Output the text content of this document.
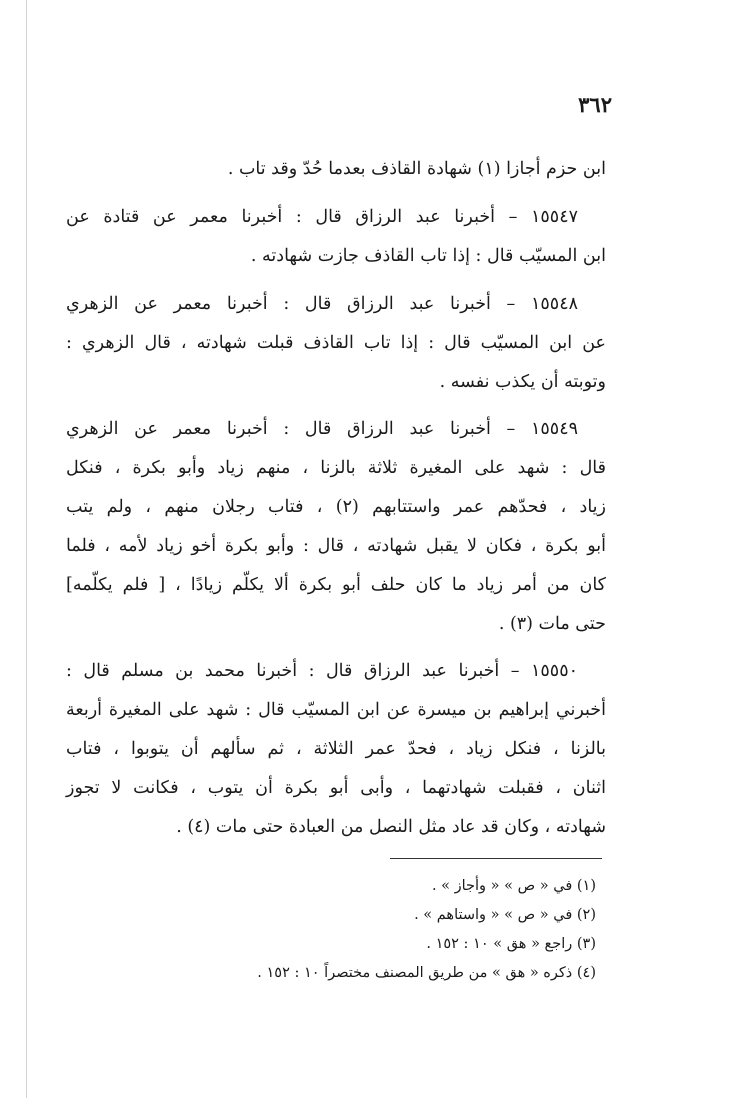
٣٦٢
ابن حزم أجازا (١) شهادة القاذف بعدما حُدّ وقد تاب .
١٥٥٤٧ – أخبرنا عبد الرزاق قال : أخبرنا معمر عن قتادة عن
ابن المسيّب قال : إذا تاب القاذف جازت شهادته .
١٥٥٤٨ – أخبرنا عبد الرزاق قال : أخبرنا معمر عن الزهري
عن ابن المسيّب قال : إذا تاب القاذف قبلت شهادته ، قال الزهري :
وتوبته أن يكذب نفسه .
١٥٥٤٩ – أخبرنا عبد الرزاق قال : أخبرنا معمر عن الزهري
قال : شهد على المغيرة ثلاثة بالزنا ، منهم زياد وأبو بكرة ، فنكل
زياد ، فحدّهم عمر واستتابهم (٢) ، فتاب رجلان منهم ، ولم يتب
أبو بكرة ، فكان لا يقبل شهادته ، قال : وأبو بكرة أخو زياد لأمه ، فلما
كان من أمر زياد ما كان حلف أبو بكرة ألا يكلّم زيادًا ، [ فلم يكلّمه]
حتى مات (٣) .
١٥٥٥٠ – أخبرنا عبد الرزاق قال : أخبرنا محمد بن مسلم قال :
أخبرني إبراهيم بن ميسرة عن ابن المسيّب قال : شهد على المغيرة أربعة
بالزنا ، فنكل زياد ، فحدّ عمر الثلاثة ، ثم سألهم أن يتوبوا ، فتاب
اثنان ، فقبلت شهادتهما ، وأبى أبو بكرة أن يتوب ، فكانت لا تجوز
شهادته ، وكان قد عاد مثل النصل من العبادة حتى مات (٤) .
(١) في « ص » « وأجاز » .
(٢) في « ص » « واستاهم » .
(٣) راجع « هق » ١٠ : ١٥٢ .
(٤) ذكره « هق » من طريق المصنف مختصراً ١٠ : ١٥٢ .
